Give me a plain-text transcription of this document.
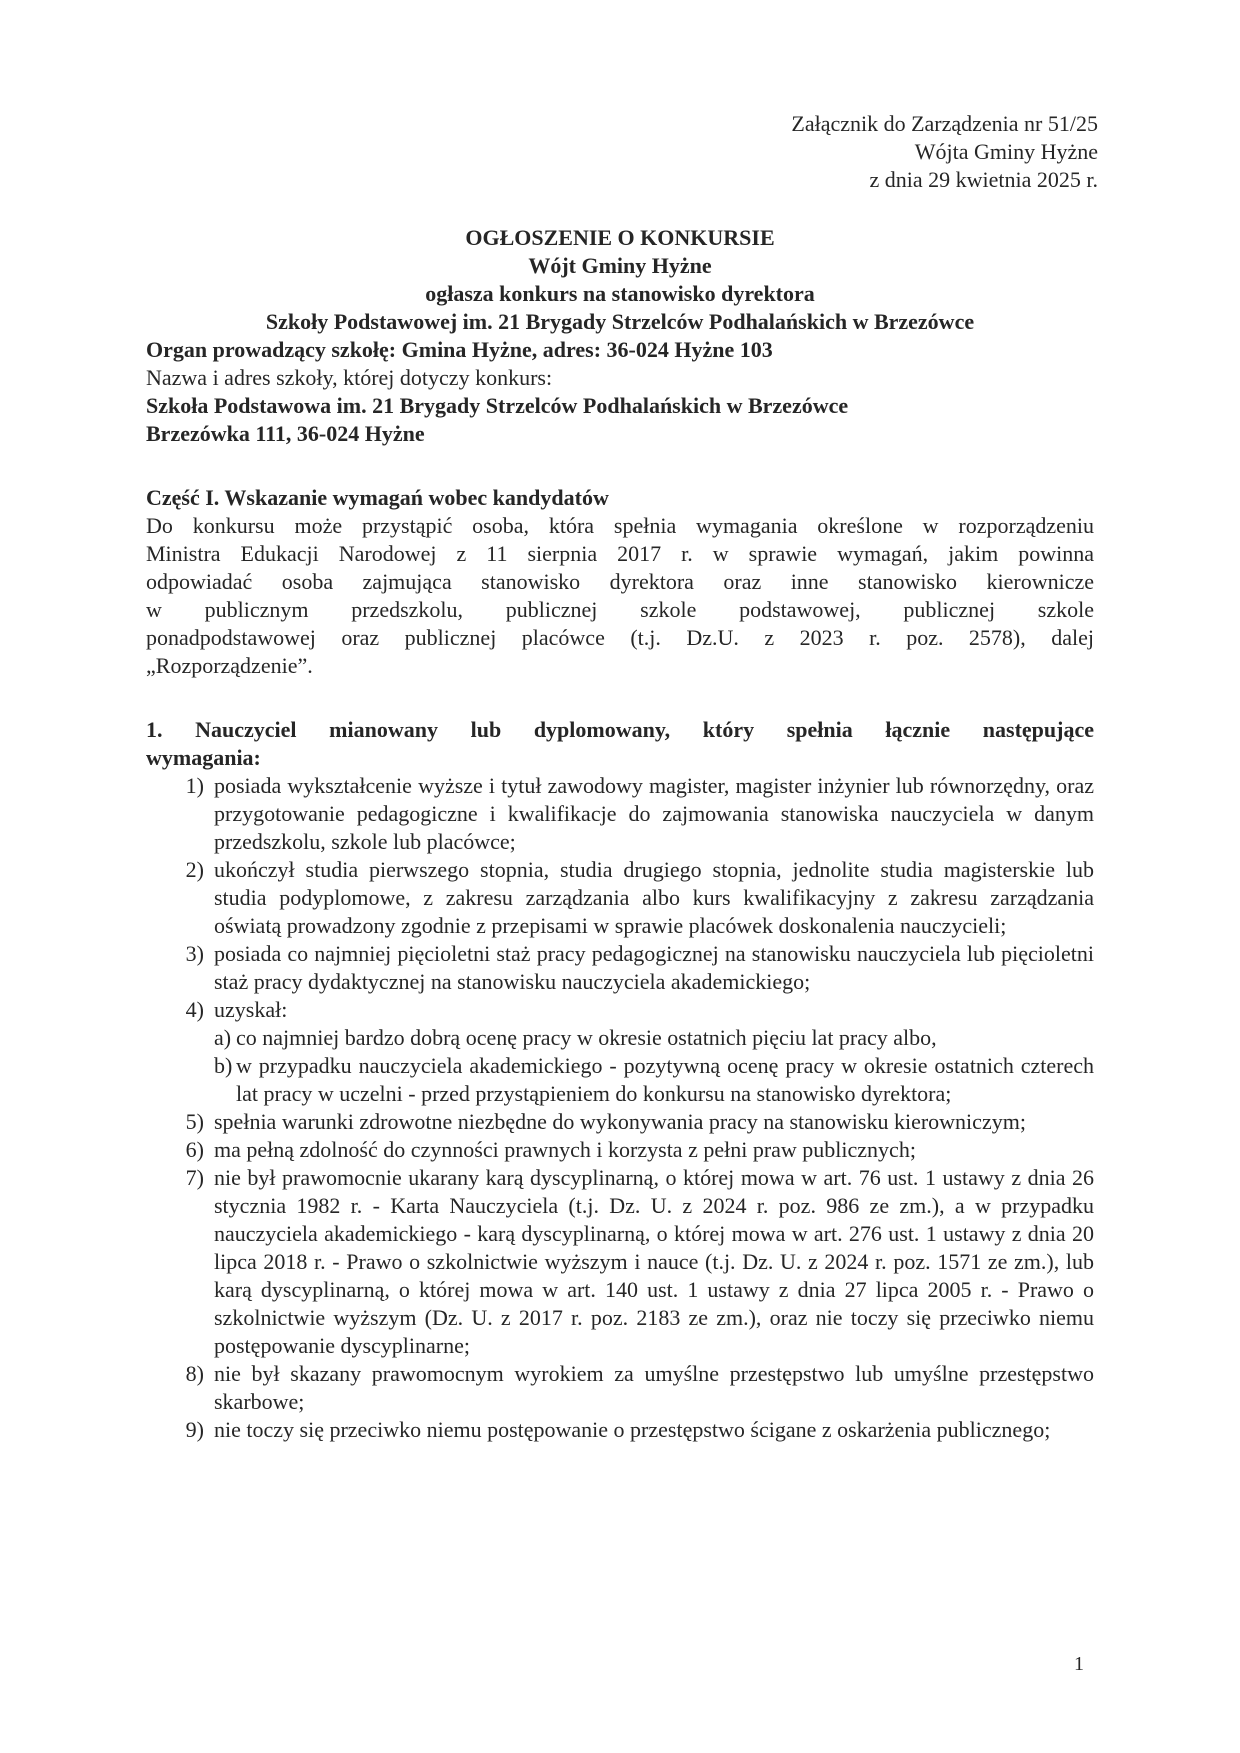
Załącznik do Zarządzenia nr 51/25
Wójta Gminy Hyżne
z dnia 29 kwietnia 2025 r.
OGŁOSZENIE O KONKURSIE
Wójt Gminy Hyżne
ogłasza konkurs na stanowisko dyrektora
Szkoły Podstawowej im. 21 Brygady Strzelców Podhalańskich w Brzezówce
Organ prowadzący szkołę: Gmina Hyżne, adres: 36-024 Hyżne 103
Nazwa i adres szkoły, której dotyczy konkurs:
Szkoła Podstawowa im. 21 Brygady Strzelców Podhalańskich w Brzezówce
Brzezówka 111, 36-024 Hyżne
Część I. Wskazanie wymagań wobec kandydatów
Do konkursu może przystąpić osoba, która spełnia wymagania określone w rozporządzeniu
Ministra Edukacji Narodowej z 11 sierpnia 2017 r. w sprawie wymagań, jakim powinna
odpowiadać osoba zajmująca stanowisko dyrektora oraz inne stanowisko kierownicze
w publicznym przedszkolu, publicznej szkole podstawowej, publicznej szkole
ponadpodstawowej oraz publicznej placówce (t.j. Dz.U. z 2023 r. poz. 2578), dalej
„Rozporządzenie”.
1. Nauczyciel mianowany lub dyplomowany, który spełnia łącznie następujące
wymagania:
1) posiada wykształcenie wyższe i tytuł zawodowy magister, magister inżynier lub równorzędny, oraz przygotowanie pedagogiczne i kwalifikacje do zajmowania stanowiska nauczyciela w danym przedszkolu, szkole lub placówce;
2) ukończył studia pierwszego stopnia, studia drugiego stopnia, jednolite studia magisterskie lub studia podyplomowe, z zakresu zarządzania albo kurs kwalifikacyjny z zakresu zarządzania oświatą prowadzony zgodnie z przepisami w sprawie placówek doskonalenia nauczycieli;
3) posiada co najmniej pięcioletni staż pracy pedagogicznej na stanowisku nauczyciela lub pięcioletni staż pracy dydaktycznej na stanowisku nauczyciela akademickiego;
4) uzyskał:
a) co najmniej bardzo dobrą ocenę pracy w okresie ostatnich pięciu lat pracy albo,
b) w przypadku nauczyciela akademickiego - pozytywną ocenę pracy w okresie ostatnich czterech lat pracy w uczelni - przed przystąpieniem do konkursu na stanowisko dyrektora;
5) spełnia warunki zdrowotne niezbędne do wykonywania pracy na stanowisku kierowniczym;
6) ma pełną zdolność do czynności prawnych i korzysta z pełni praw publicznych;
7) nie był prawomocnie ukarany karą dyscyplinarną, o której mowa w art. 76 ust. 1 ustawy z dnia 26 stycznia 1982 r. - Karta Nauczyciela (t.j. Dz. U. z 2024 r. poz. 986 ze zm.), a w przypadku nauczyciela akademickiego - karą dyscyplinarną, o której mowa w art. 276 ust. 1 ustawy z dnia 20 lipca 2018 r. - Prawo o szkolnictwie wyższym i nauce (t.j. Dz. U. z 2024 r. poz. 1571 ze zm.), lub karą dyscyplinarną, o której mowa w art. 140 ust. 1 ustawy z dnia 27 lipca 2005 r. - Prawo o szkolnictwie wyższym (Dz. U. z 2017 r. poz. 2183 ze zm.), oraz nie toczy się przeciwko niemu postępowanie dyscyplinarne;
8) nie był skazany prawomocnym wyrokiem za umyślne przestępstwo lub umyślne przestępstwo skarbowe;
9) nie toczy się przeciwko niemu postępowanie o przestępstwo ścigane z oskarżenia publicznego;
1
